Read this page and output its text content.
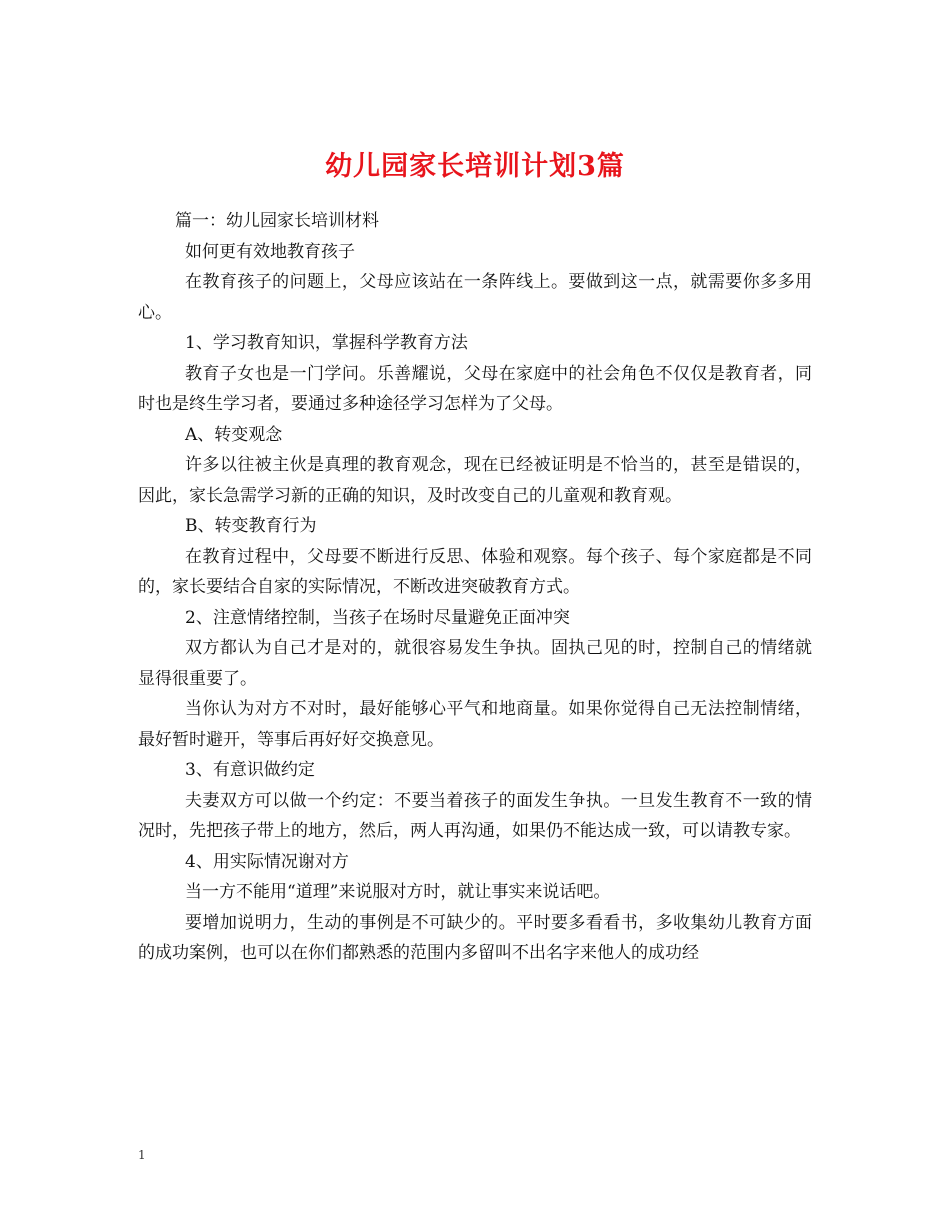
幼儿园家长培训计划3篇

篇一：幼儿园家长培训材料

如何更有效地教育孩子

在教育孩子的问题上，父母应该站在一条阵线上。要做到这一点，就需要你多多用心。

1、学习教育知识，掌握科学教育方法

教育子女也是一门学问。乐善耀说，父母在家庭中的社会角色不仅仅是教育者，同时也是终生学习者，要通过多种途径学习怎样为了父母。

A、转变观念

许多以往被主伙是真理的教育观念，现在已经被证明是不恰当的，甚至是错误的，因此，家长急需学习新的正确的知识，及时改变自己的儿童观和教育观。

B、转变教育行为

在教育过程中，父母要不断进行反思、体验和观察。每个孩子、每个家庭都是不同的，家长要结合自家的实际情况，不断改进突破教育方式。

2、注意情绪控制，当孩子在场时尽量避免正面冲突

双方都认为自己才是对的，就很容易发生争执。固执己见的时，控制自己的情绪就显得很重要了。

当你认为对方不对时，最好能够心平气和地商量。如果你觉得自己无法控制情绪，最好暂时避开，等事后再好好交换意见。

3、有意识做约定

夫妻双方可以做一个约定：不要当着孩子的面发生争执。一旦发生教育不一致的情况时，先把孩子带上的地方，然后，两人再沟通，如果仍不能达成一致，可以请教专家。

4、用实际情况谢对方

当一方不能用“道理”来说服对方时，就让事实来说话吧。

要增加说明力，生动的事例是不可缺少的。平时要多看看书，多收集幼儿教育方面的成功案例，也可以在你们都熟悉的范围内多留叫不出名字来他人的成功经

1
